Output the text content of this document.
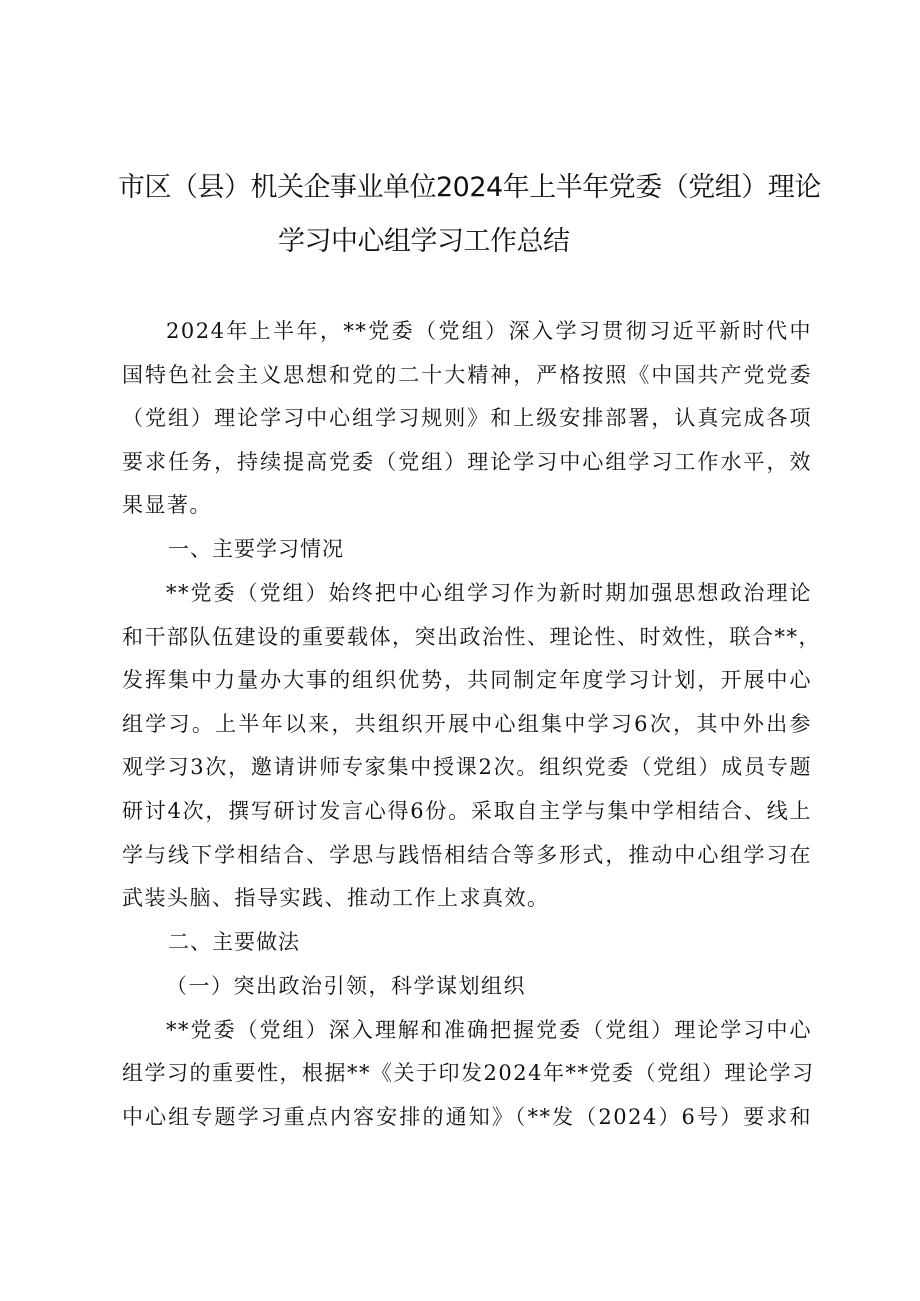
市区（县）机关企事业单位2024年上半年党委（党组）理论
学习中心组学习工作总结
2024年上半年，**党委（党组）深入学习贯彻习近平新时代中
国特色社会主义思想和党的二十大精神，严格按照《中国共产党党委
（党组）理论学习中心组学习规则》和上级安排部署，认真完成各项
要求任务，持续提高党委（党组）理论学习中心组学习工作水平，效
果显著。
一、主要学习情况
**党委（党组）始终把中心组学习作为新时期加强思想政治理论
和干部队伍建设的重要载体，突出政治性、理论性、时效性，联合**，
发挥集中力量办大事的组织优势，共同制定年度学习计划，开展中心
组学习。上半年以来，共组织开展中心组集中学习6次，其中外出参
观学习3次，邀请讲师专家集中授课2次。组织党委（党组）成员专题
研讨4次，撰写研讨发言心得6份。采取自主学与集中学相结合、线上
学与线下学相结合、学思与践悟相结合等多形式，推动中心组学习在
武装头脑、指导实践、推动工作上求真效。
二、主要做法
（一）突出政治引领，科学谋划组织
**党委（党组）深入理解和准确把握党委（党组）理论学习中心
组学习的重要性，根据**《关于印发2024年**党委（党组）理论学习
中心组专题学习重点内容安排的通知》（**发（2024）6号）要求和
